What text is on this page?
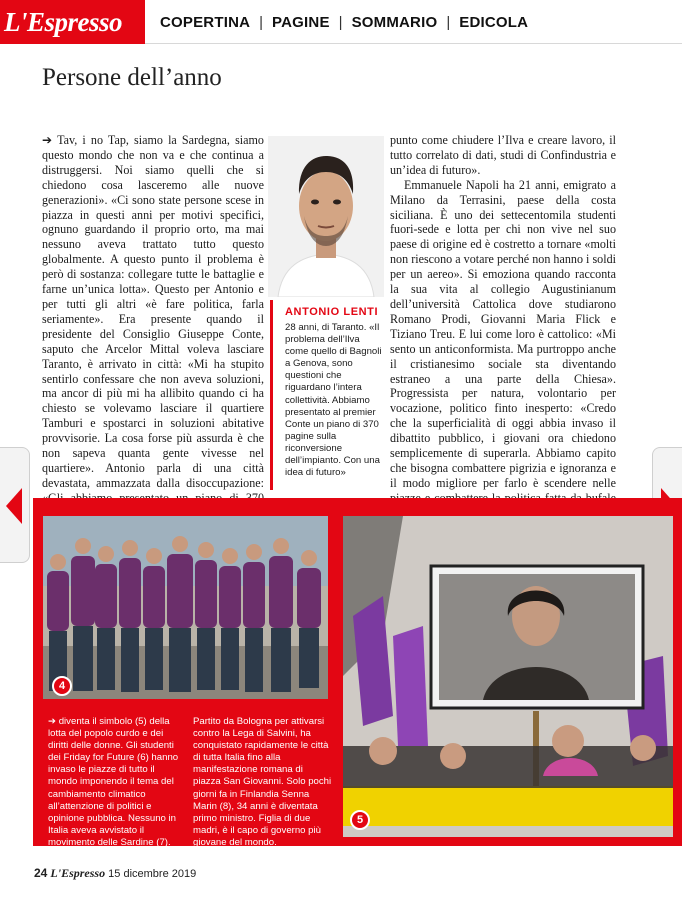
L'Espresso	COPERTINA | PAGINE | SOMMARIO | EDICOLA
Persone dell’anno

➔ Tav, i no Tap, siamo la Sardegna, siamo questo mondo che non va e che continua a distruggersi. Noi siamo quelli che si chiedono cosa lasceremo alle nuove generazioni». «Ci sono state persone scese in piazza in questi anni per motivi specifici, ognuno guardando il proprio orto, ma mai nessuno aveva trattato tutto questo globalmente. A questo punto il problema è però di sostanza: collegare tutte le battaglie e farne un’unica lotta». Questo per Antonio e per tutti gli altri «è fare politica, farla seriamente». Era presente quando il presidente del Consiglio Giuseppe Conte, saputo che Arcelor Mittal voleva lasciare Taranto, è arrivato in città: «Mi ha stupito sentirlo confessare che non aveva soluzioni, ma ancor di più mi ha allibito quando ci ha chiesto se volevamo lasciare il quartiere Tamburi e spostarci in soluzioni abitative provvisorie. La cosa forse più assurda è che non sapeva quanta gente vivesse nel quartiere». Antonio parla di una città devastata, ammazzata dalla disoccupazione:

ANTONIO LENTI
28 anni, di Taranto. «Il problema dell’Ilva come quello di Bagnoli a Genova, sono questioni che riguardano l’intera collettività. Abbiamo presentato al premier Conte un piano di 370 pagine sulla riconversione dell’impianto. Con una idea di futuro»

punto come chiudere l’Ilva e creare lavoro, il tutto correlato di dati, studi di Confindustria e un’idea di futuro».

Emmanuele Napoli ha 21 anni, emigrato a Milano da Terrasini, paese della costa siciliana. È uno dei settecentomila studenti fuori-sede e lotta per chi non vive nel suo paese di origine ed è costretto a tornare «molti non riescono a votare perché non hanno i soldi per un aereo». Si emoziona quando racconta la sua vita al collegio Augustinianum dell’università Cattolica dove studiarono Romano Prodi, Giovanni Maria Flick e Tiziano Treu. E lui come loro è cattolico: «Mi sento un anticonformista. Ma purtroppo anche il cristianesimo sociale sta diventando estraneo a una parte della Chiesa». Progressista per natura, volontario per vocazione, politico finto inesperto: «Credo che la superficialità di oggi abbia invaso il dibattito pubblico, i giovani ora chiedono semplicemente di superarla. Abbiamo capito che bisogna combattere pigrizia e ignoranza e il modo migliore per farlo è scendere nelle

4
5
➔ diventa il simbolo (5) della lotta del popolo curdo e dei diritti delle donne. Gli studenti dei Friday for Future (6) hanno invaso le piazze di tutto il mondo imponendo il tema del cambiamento climatico all’attenzione di politici e opinione pubblica. Nessuno in Italia aveva avvistato il movimento delle Sardine (7).
Partito da Bologna per attivarsi contro la Lega di Salvini, ha conquistato rapidamente le città di tutta Italia fino alla manifestazione romana di piazza San Giovanni. Solo pochi giorni fa in Finlandia Senna Marin (8), 34 anni è diventata primo ministro. Figlia di due madri, è il capo di governo più giovane del mondo.
24 L'Espresso 15 dicembre 2019
